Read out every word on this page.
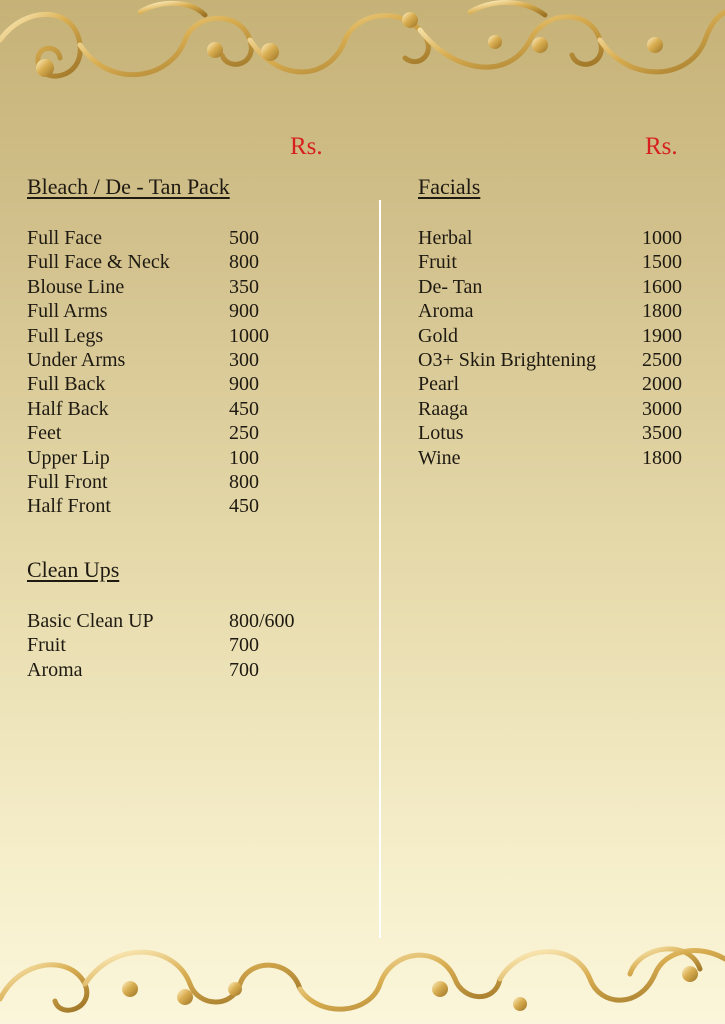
Rs.	Rs.
Bleach / De - Tan Pack
Full Face	500
Full Face & Neck	800
Blouse Line	350
Full Arms	900
Full Legs	1000
Under Arms	300
Full Back	900
Half Back	450
Feet	250
Upper Lip	100
Full Front	800
Half Front	450
Clean Ups
Basic Clean UP	800/600
Fruit	700
Aroma	700
Facials
Herbal	1000
Fruit	1500
De- Tan	1600
Aroma	1800
Gold	1900
O3+ Skin Brightening 2500
Pearl	2000
Raaga	3000
Lotus	3500
Wine	1800
